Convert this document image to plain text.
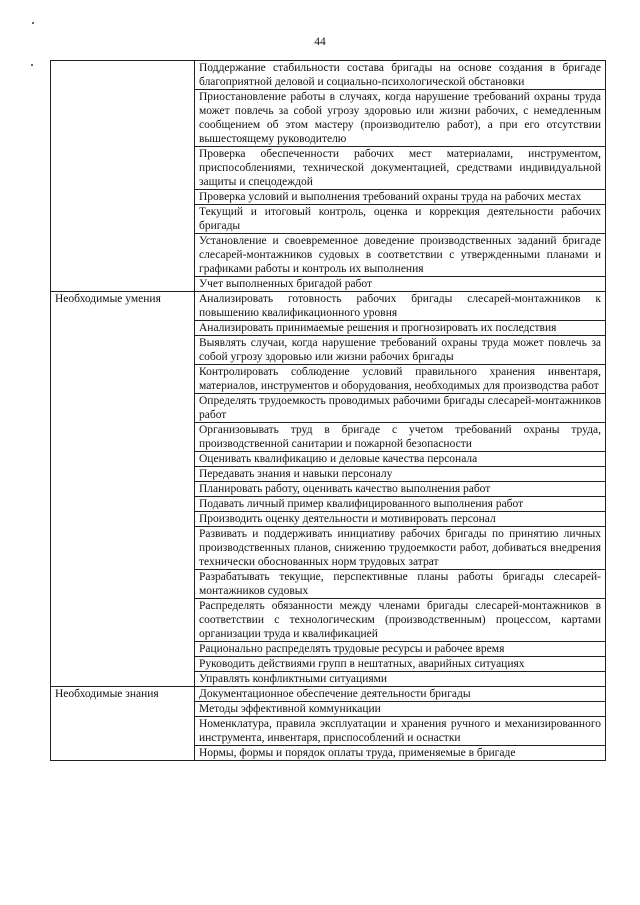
44
	Поддержание стабильности состава бригады на основе создания в бригаде благоприятной деловой и социально-психологической обстановки
	Приостановление работы в случаях, когда нарушение требований охраны труда может повлечь за собой угрозу здоровью или жизни рабочих, с немедленным сообщением об этом мастеру (производителю работ), а при его отсутствии вышестоящему руководителю
	Проверка обеспеченности рабочих мест материалами, инструментом, приспособлениями, технической документацией, средствами индивидуальной защиты и спецодеждой
	Проверка условий и выполнения требований охраны труда на рабочих местах
	Текущий и итоговый контроль, оценка и коррекция деятельности рабочих бригады
	Установление и своевременное доведение производственных заданий бригаде слесарей-монтажников судовых в соответствии с утвержденными планами и графиками работы и контроль их выполнения
	Учет выполненных бригадой работ
Необходимые умения	Анализировать готовность рабочих бригады слесарей-монтажников к повышению квалификационного уровня
	Анализировать принимаемые решения и прогнозировать их последствия
	Выявлять случаи, когда нарушение требований охраны труда может повлечь за собой угрозу здоровью или жизни рабочих бригады
	Контролировать соблюдение условий правильного хранения инвентаря, материалов, инструментов и оборудования, необходимых для производства работ
	Определять трудоемкость проводимых рабочими бригады слесарей-монтажников работ
	Организовывать труд в бригаде с учетом требований охраны труда, производственной санитарии и пожарной безопасности
	Оценивать квалификацию и деловые качества персонала
	Передавать знания и навыки персоналу
	Планировать работу, оценивать качество выполнения работ
	Подавать личный пример квалифицированного выполнения работ
	Производить оценку деятельности и мотивировать персонал
	Развивать и поддерживать инициативу рабочих бригады по принятию личных производственных планов, снижению трудоемкости работ, добиваться внедрения технически обоснованных норм трудовых затрат
	Разрабатывать текущие, перспективные планы работы бригады слесарей-монтажников судовых
	Распределять обязанности между членами бригады слесарей-монтажников в соответствии с технологическим (производственным) процессом, картами организации труда и квалификацией
	Рационально распределять трудовые ресурсы и рабочее время
	Руководить действиями групп в нештатных, аварийных ситуациях
	Управлять конфликтными ситуациями
Необходимые знания	Документационное обеспечение деятельности бригады
	Методы эффективной коммуникации
	Номенклатура, правила эксплуатации и хранения ручного и механизированного инструмента, инвентаря, приспособлений и оснастки
	Нормы, формы и порядок оплаты труда, применяемые в бригаде
